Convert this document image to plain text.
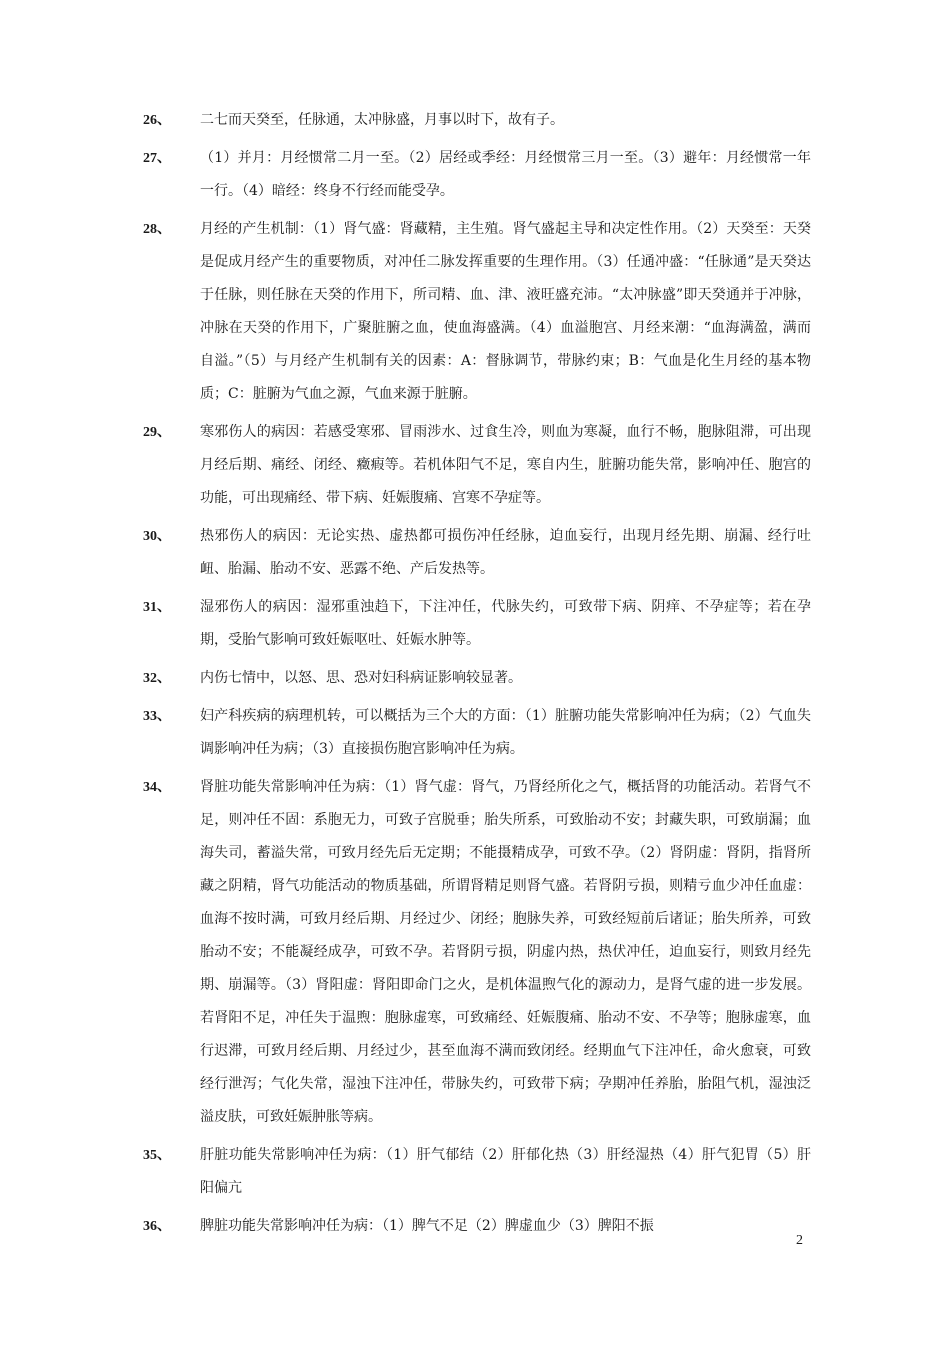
26、	二七而天癸至，任脉通，太冲脉盛，月事以时下，故有子。
27、	（1）并月：月经惯常二月一至。（2）居经或季经：月经惯常三月一至。（3）避年：月经惯常一年一行。（4）暗经：终身不行经而能受孕。
28、	月经的产生机制：（1）肾气盛：肾藏精，主生殖。肾气盛起主导和决定性作用。（2）天癸至：天癸是促成月经产生的重要物质，对冲任二脉发挥重要的生理作用。（3）任通冲盛：“任脉通”是天癸达于任脉，则任脉在天癸的作用下，所司精、血、津、液旺盛充沛。“太冲脉盛”即天癸通并于冲脉，冲脉在天癸的作用下，广聚脏腑之血，使血海盛满。（4）血溢胞宫、月经来潮：“血海满盈，满而自溢。”（5）与月经产生机制有关的因素：A：督脉调节，带脉约束；B：气血是化生月经的基本物质；C：脏腑为气血之源，气血来源于脏腑。
29、	寒邪伤人的病因：若感受寒邪、冒雨涉水、过食生冷，则血为寒凝，血行不畅，胞脉阻滞，可出现月经后期、痛经、闭经、癥瘕等。若机体阳气不足，寒自内生，脏腑功能失常，影响冲任、胞宫的功能，可出现痛经、带下病、妊娠腹痛、宫寒不孕症等。
30、	热邪伤人的病因：无论实热、虚热都可损伤冲任经脉，迫血妄行，出现月经先期、崩漏、经行吐衄、胎漏、胎动不安、恶露不绝、产后发热等。
31、	湿邪伤人的病因：湿邪重浊趋下，下注冲任，代脉失约，可致带下病、阴痒、不孕症等；若在孕期，受胎气影响可致妊娠呕吐、妊娠水肿等。
32、	内伤七情中，以怒、思、恐对妇科病证影响较显著。
33、	妇产科疾病的病理机转，可以概括为三个大的方面：（1）脏腑功能失常影响冲任为病；（2）气血失调影响冲任为病；（3）直接损伤胞宫影响冲任为病。
34、	肾脏功能失常影响冲任为病：（1）肾气虚：肾气，乃肾经所化之气，概括肾的功能活动。若肾气不足，则冲任不固：系胞无力，可致子宫脱垂；胎失所系，可致胎动不安；封藏失职，可致崩漏；血海失司，蓄溢失常，可致月经先后无定期；不能摄精成孕，可致不孕。（2）肾阴虚：肾阴，指肾所藏之阴精，肾气功能活动的物质基础，所谓肾精足则肾气盛。若肾阴亏损，则精亏血少冲任血虚：血海不按时满，可致月经后期、月经过少、闭经；胞脉失养，可致经短前后诸证；胎失所养，可致胎动不安；不能凝经成孕，可致不孕。若肾阴亏损，阴虚内热，热伏冲任，迫血妄行，则致月经先期、崩漏等。（3）肾阳虚：肾阳即命门之火，是机体温煦气化的源动力，是肾气虚的进一步发展。若肾阳不足，冲任失于温煦：胞脉虚寒，可致痛经、妊娠腹痛、胎动不安、不孕等；胞脉虚寒，血行迟滞，可致月经后期、月经过少，甚至血海不满而致闭经。经期血气下注冲任，命火愈衰，可致经行泄泻；气化失常，湿浊下注冲任，带脉失约，可致带下病；孕期冲任养胎，胎阻气机，湿浊泛溢皮肤，可致妊娠肿胀等病。
35、	肝脏功能失常影响冲任为病：（1）肝气郁结（2）肝郁化热（3）肝经湿热（4）肝气犯胃（5）肝阳偏亢
36、	脾脏功能失常影响冲任为病：（1）脾气不足（2）脾虚血少（3）脾阳不振
2
